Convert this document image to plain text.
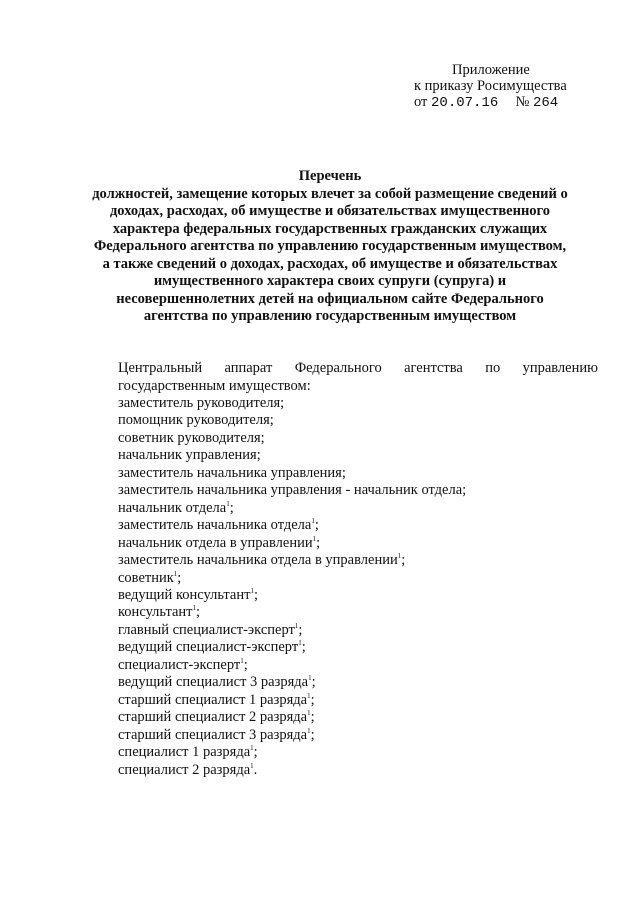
Приложение
к приказу Росимущества
от 20.07.16 № 264
Перечень
должностей, замещение которых влечет за собой размещение сведений о
доходах, расходах, об имуществе и обязательствах имущественного
характера федеральных государственных гражданских служащих
Федерального агентства по управлению государственным имуществом,
а также сведений о доходах, расходах, об имуществе и обязательствах
имущественного характера своих супруги (супруга) и
несовершеннолетних детей на официальном сайте Федерального
агентства по управлению государственным имуществом
Центральный аппарат Федерального агентства по управлению
государственным имуществом:
заместитель руководителя;
помощник руководителя;
советник руководителя;
начальник управления;
заместитель начальника управления;
заместитель начальника управления - начальник отдела;
начальник отдела$^1$;
заместитель начальника отдела$^1$;
начальник отдела в управлении$^1$;
заместитель начальника отдела в управлении$^1$;
советник$^1$;
ведущий консультант$^1$;
консультант$^1$;
главный специалист-эксперт$^1$;
ведущий специалист-эксперт$^1$;
специалист-эксперт$^1$;
ведущий специалист 3 разряда$^1$;
старший специалист 1 разряда$^1$;
старший специалист 2 разряда$^1$;
старший специалист 3 разряда$^1$;
специалист 1 разряда$^1$;
специалист 2 разряда$^1$.
